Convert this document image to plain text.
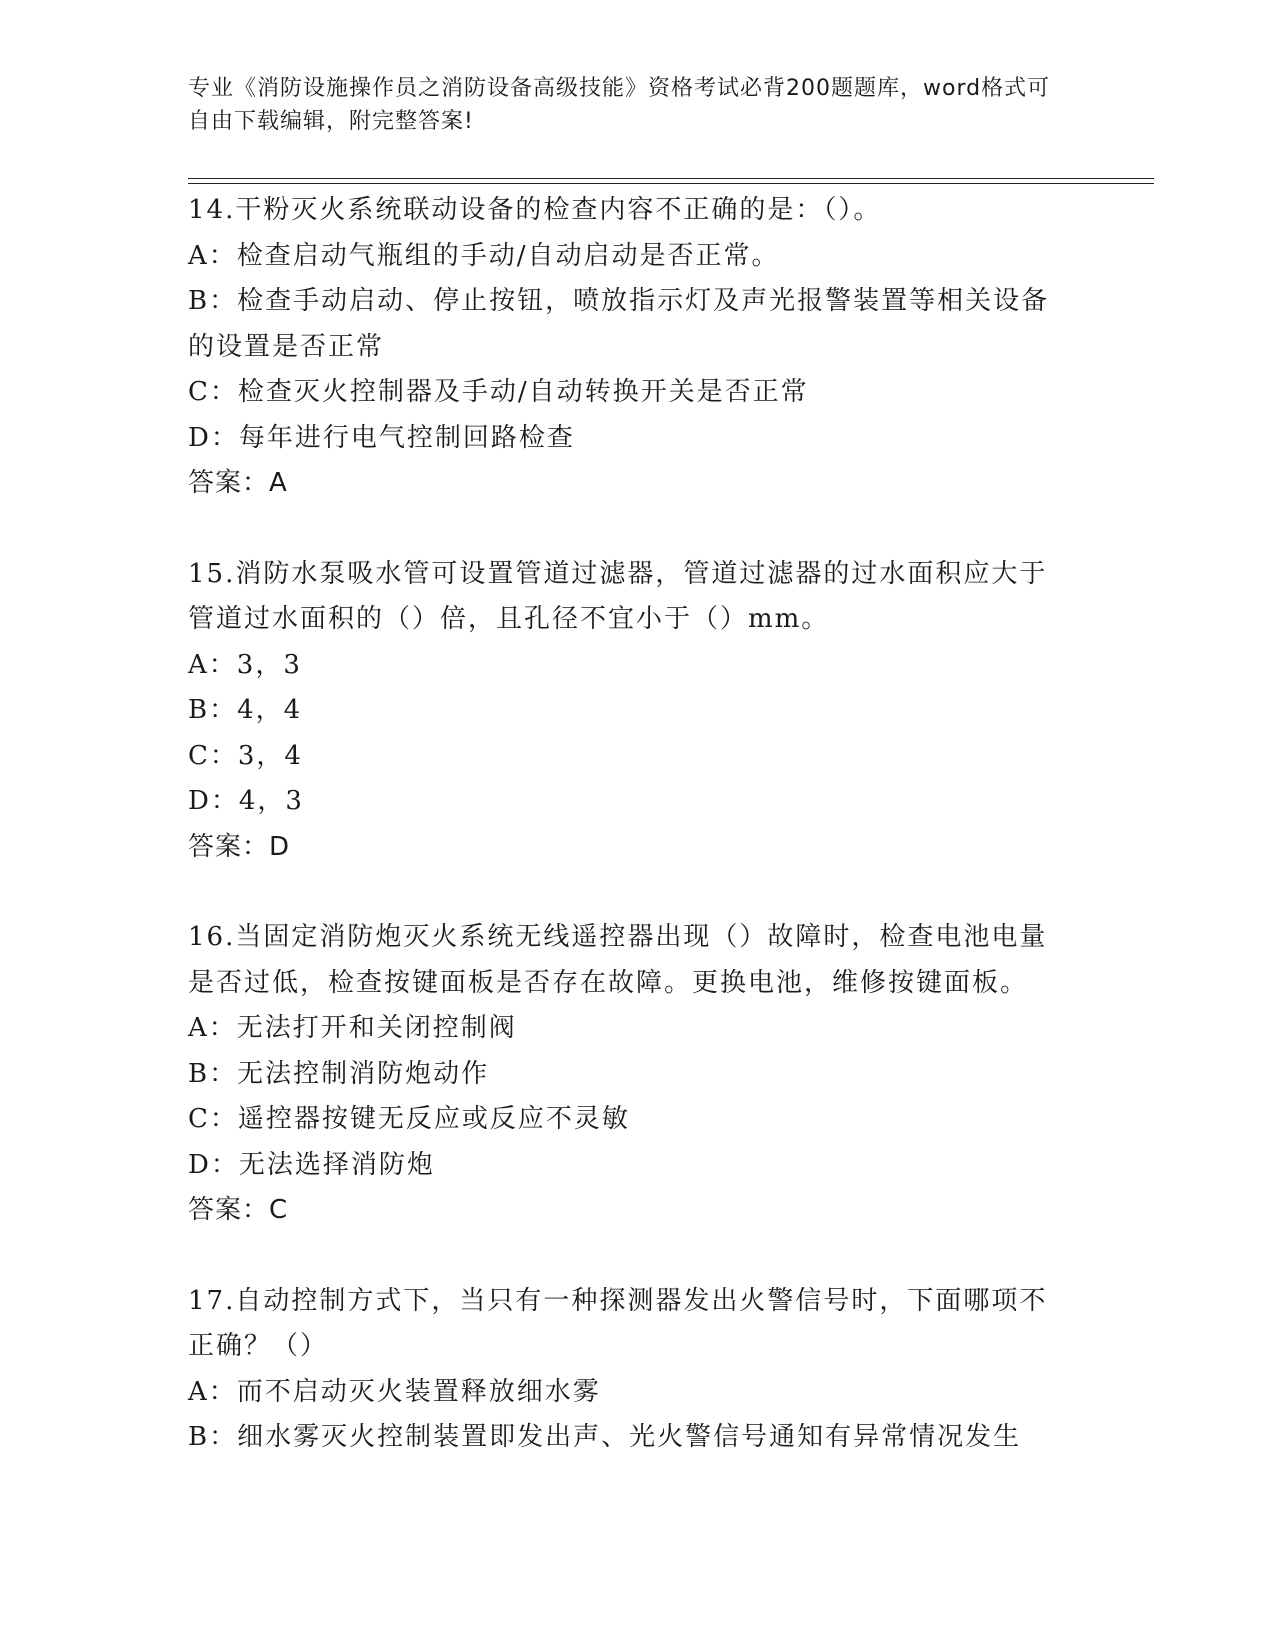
专业《消防设施操作员之消防设备高级技能》资格考试必背200题题库，word格式可自由下载编辑，附完整答案!
14.干粉灭火系统联动设备的检查内容不正确的是：（）。
A：检查启动气瓶组的手动/自动启动是否正常。
B：检查手动启动、停止按钮，喷放指示灯及声光报警装置等相关设备的设置是否正常
C：检查灭火控制器及手动/自动转换开关是否正常
D：每年进行电气控制回路检查
答案：A
15.消防水泵吸水管可设置管道过滤器，管道过滤器的过水面积应大于管道过水面积的（）倍，且孔径不宜小于（）mm。
A：3，3
B：4，4
C：3，4
D：4，3
答案：D
16.当固定消防炮灭火系统无线遥控器出现（）故障时，检查电池电量是否过低，检查按键面板是否存在故障。更换电池，维修按键面板。
A：无法打开和关闭控制阀
B：无法控制消防炮动作
C：遥控器按键无反应或反应不灵敏
D：无法选择消防炮
答案：C
17.自动控制方式下，当只有一种探测器发出火警信号时，下面哪项不正确？（）
A：而不启动灭火装置释放细水雾
B：细水雾灭火控制装置即发出声、光火警信号通知有异常情况发生
